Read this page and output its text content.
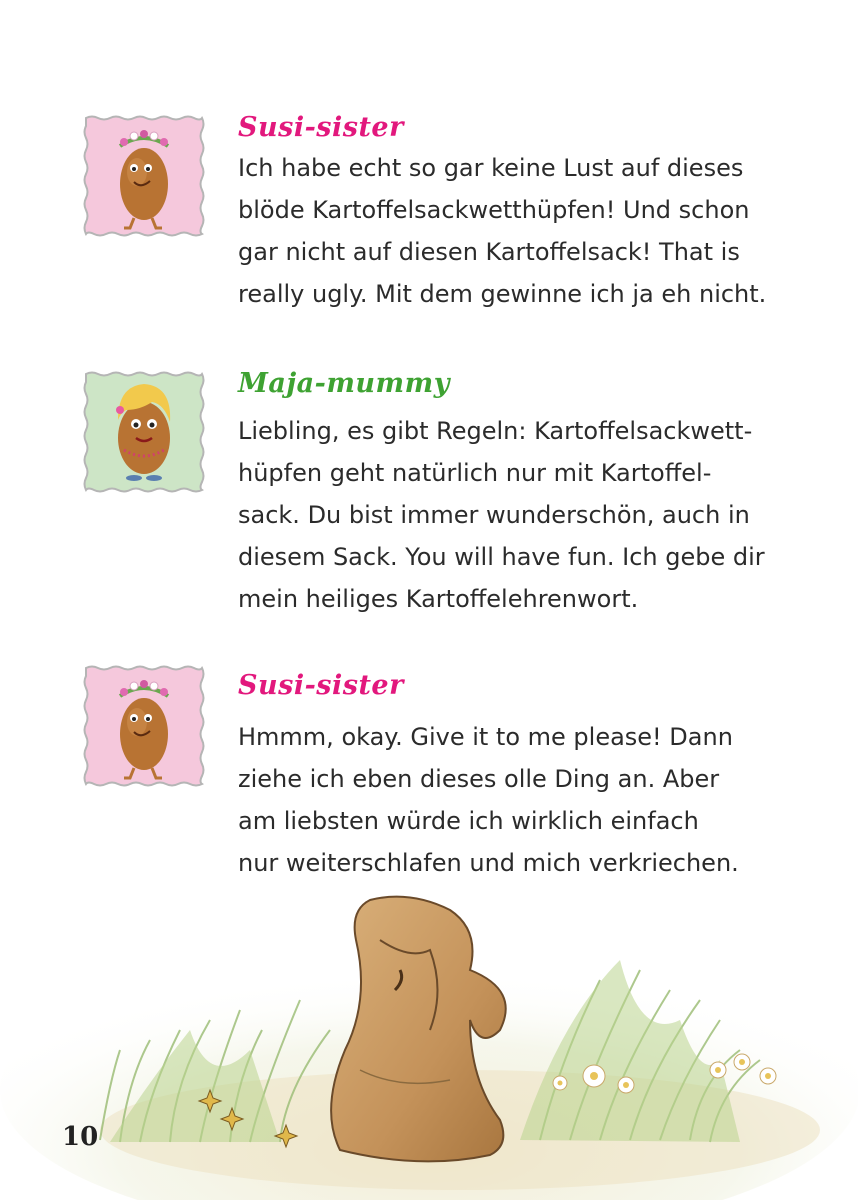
Susi-sister

Ich habe echt so gar keine Lust auf dieses
blöde Kartoffelsackwetthüpfen! Und schon
gar nicht auf diesen Kartoffelsack! That is
really ugly. Mit dem gewinne ich ja eh nicht.

Maja-mummy

Liebling, es gibt Regeln: Kartoffelsackwett-
hüpfen geht natürlich nur mit Kartoffel-
sack. Du bist immer wunderschön, auch in
diesem Sack. You will have fun. Ich gebe dir
mein heiliges Kartoffelehrenwort.

Susi-sister

Hmmm, okay. Give it to me please! Dann
ziehe ich eben dieses olle Ding an. Aber
am liebsten würde ich wirklich einfach
nur weiterschlafen und mich verkriechen.

10
